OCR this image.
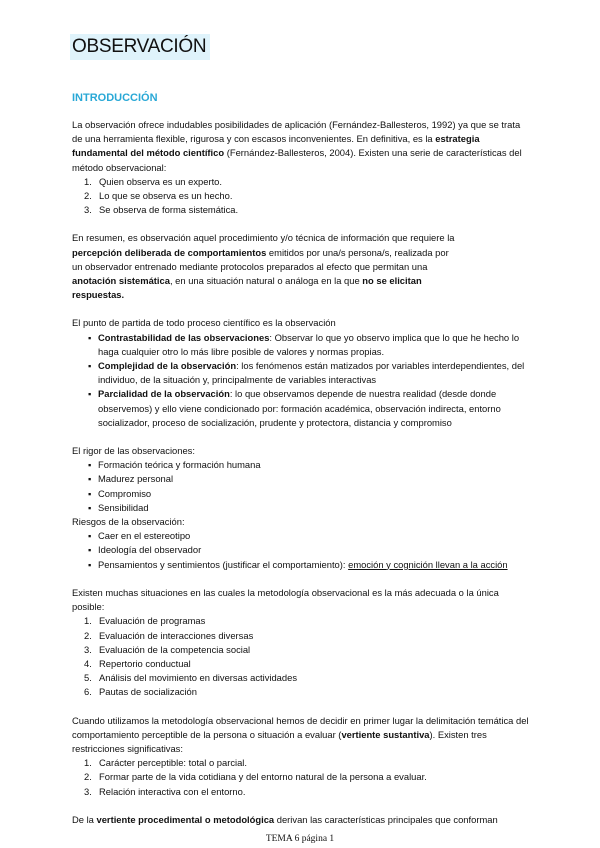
OBSERVACIÓN
INTRODUCCIÓN

La observación ofrece indudables posibilidades de aplicación (Fernández-Ballesteros, 1992) ya que se trata de una herramienta flexible, rigurosa y con escasos inconvenientes. En definitiva, es la estrategia fundamental del método científico (Fernández-Ballesteros, 2004). Existen una serie de características del método observacional:

1. Quien observa es un experto.
2. Lo que se observa es un hecho.
3. Se observa de forma sistemática.

En resumen, es observación aquel procedimiento y/o técnica de información que requiere la percepción deliberada de comportamientos emitidos por una/s persona/s, realizada por un observador entrenado mediante protocolos preparados al efecto que permitan una anotación sistemática, en una situación natural o análoga en la que no se elicitan respuestas.

El punto de partida de todo proceso científico es la observación

▪ Contrastabilidad de las observaciones: Observar lo que yo observo implica que lo que he hecho lo haga cualquier otro lo más libre posible de valores y normas propias.
▪ Complejidad de la observación: los fenómenos están matizados por variables interdependientes, del individuo, de la situación y, principalmente de variables interactivas
▪ Parcialidad de la observación: lo que observamos depende de nuestra realidad (desde donde observemos) y ello viene condicionado por: formación académica, observación indirecta, entorno socializador, proceso de socialización, prudente y protectora, distancia y compromiso

El rigor de las observaciones:

▪ Formación teórica y formación humana
▪ Madurez personal
▪ Compromiso
▪ Sensibilidad

Riesgos de la observación:

▪ Caer en el estereotipo
▪ Ideología del observador
▪ Pensamientos y sentimientos (justificar el comportamiento): emoción y cognición llevan a la acción

Existen muchas situaciones en las cuales la metodología observacional es la más adecuada o la única posible:

1. Evaluación de programas
2. Evaluación de interacciones diversas
3. Evaluación de la competencia social
4. Repertorio conductual
5. Análisis del movimiento en diversas actividades
6. Pautas de socialización

Cuando utilizamos la metodología observacional hemos de decidir en primer lugar la delimitación temática del comportamiento perceptible de la persona o situación a evaluar (vertiente sustantiva). Existen tres restricciones significativas:

1. Carácter perceptible: total o parcial.
2. Formar parte de la vida cotidiana y del entorno natural de la persona a evaluar.
3. Relación interactiva con el entorno.

De la vertiente procedimental o metodológica derivan las características principales que conforman

TEMA 6 página 1
